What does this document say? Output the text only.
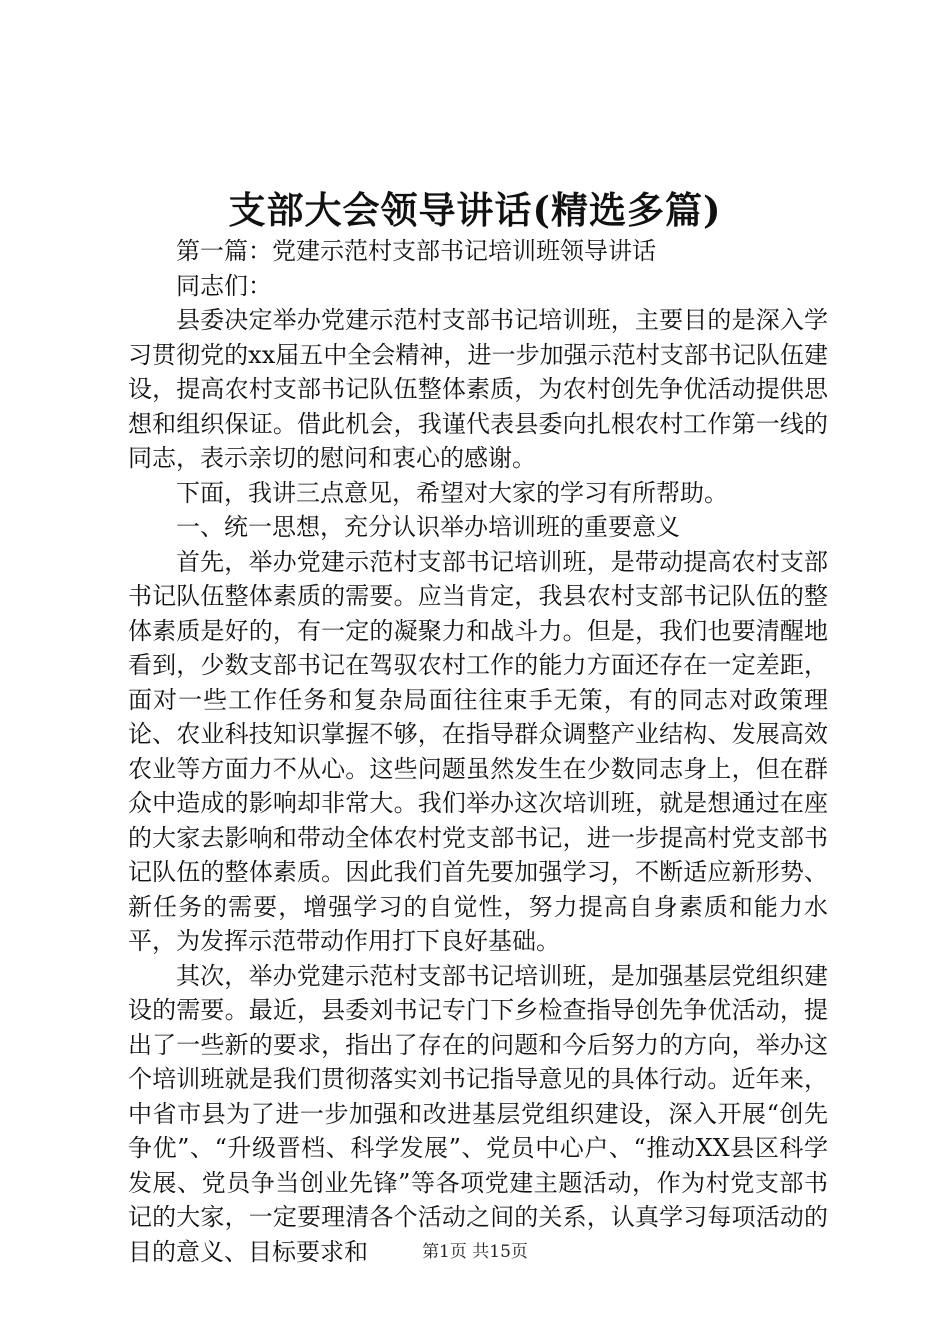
支部大会领导讲话(精选多篇)

第一篇：党建示范村支部书记培训班领导讲话

同志们：

县委决定举办党建示范村支部书记培训班，主要目的是深入学习贯彻党的xx届五中全会精神，进一步加强示范村支部书记队伍建设，提高农村支部书记队伍整体素质，为农村创先争优活动提供思想和组织保证。借此机会，我谨代表县委向扎根农村工作第一线的同志，表示亲切的慰问和衷心的感谢。

下面，我讲三点意见，希望对大家的学习有所帮助。

一、统一思想，充分认识举办培训班的重要意义

首先，举办党建示范村支部书记培训班，是带动提高农村支部书记队伍整体素质的需要。应当肯定，我县农村支部书记队伍的整体素质是好的，有一定的凝聚力和战斗力。但是，我们也要清醒地看到，少数支部书记在驾驭农村工作的能力方面还存在一定差距，面对一些工作任务和复杂局面往往束手无策，有的同志对政策理论、农业科技知识掌握不够，在指导群众调整产业结构、发展高效农业等方面力不从心。这些问题虽然发生在少数同志身上，但在群众中造成的影响却非常大。我们举办这次培训班，就是想通过在座的大家去影响和带动全体农村党支部书记，进一步提高村党支部书记队伍的整体素质。因此我们首先要加强学习，不断适应新形势、新任务的需要，增强学习的自觉性，努力提高自身素质和能力水平，为发挥示范带动作用打下良好基础。

其次，举办党建示范村支部书记培训班，是加强基层党组织建设的需要。最近，县委刘书记专门下乡检查指导创先争优活动，提出了一些新的要求，指出了存在的问题和今后努力的方向，举办这个培训班就是我们贯彻落实刘书记指导意见的具体行动。近年来，中省市县为了进一步加强和改进基层党组织建设，深入开展“创先争优”、“升级晋档、科学发展”、党员中心户、“推动XX县区科学发展、党员争当创业先锋”等各项党建主题活动，作为村党支部书记的大家，一定要理清各个活动之间的关系，认真学习每项活动的目的意义、目标要求和	第1页 共15页
